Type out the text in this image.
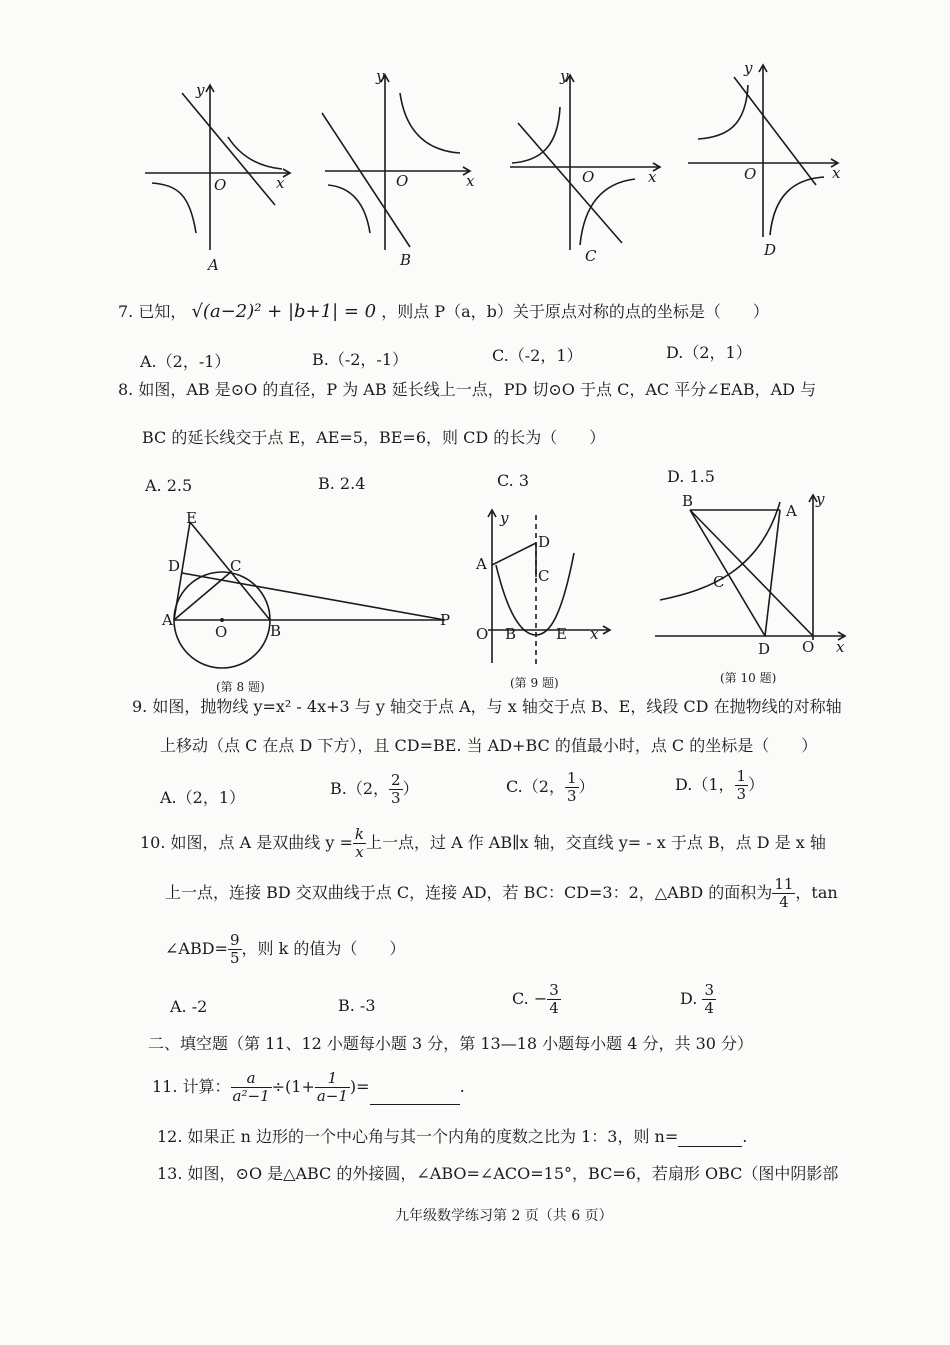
y
x
O
A
y
x
O
B
y
x
O
C
y
x
O
D
7. 已知， √(a−2)² + |b+1| = 0 ，则点 P（a，b）关于原点对称的点的坐标是（　　）
A.（2，-1）	B.（-2，-1）	C.（-2，1）	D.（2，1）
8. 如图，AB 是⊙O 的直径，P 为 AB 延长线上一点，PD 切⊙O 于点 C，AC 平分∠EAB，AD 与
BC 的延长线交于点 E，AE=5，BE=6，则 CD 的长为（　　）
A. 2.5	B. 2.4	C. 3	D. 1.5
E
D	C
A
O	B
P
(第 8 题)
y
D
A
C
O B	E x
(第 9 题)
B
A
y
C
D O x
(第 10 题)
9. 如图，抛物线 y=x² - 4x+3 与 y 轴交于点 A，与 x 轴交于点 B、E，线段 CD 在抛物线的对称轴
上移动（点 C 在点 D 下方），且 CD=BE. 当 AD+BC 的值最小时，点 C 的坐标是（　　）
A.（2，1）	B.（2， $\frac{2}{3}$ ）	C.（2， $\frac{1}{3}$ ）	D.（1， $\frac{1}{3}$ ）
10. 如图，点 A 是双曲线 $y = \frac{k}{x}$ 上一点，过 A 作 AB∥x 轴，交直线 y= - x 于点 B，点 D 是 x 轴
上一点，连接 BD 交双曲线于点 C，连接 AD，若 BC：CD=3：2，△ABD 的面积为 $\frac{11}{4}$ ，tan
∠ABD= $\frac{9}{5}$ ，则 k 的值为（　　）
A. -2	B. -3	C. − $\frac{3}{4}$	D. $\frac{3}{4}$
二、填空题（第 11、12 小题每小题 3 分，第 13—18 小题每小题 4 分，共 30 分）
11. 计算： $\frac{a}{\text{a²−1}} \div(1+ \frac{1}{a-1}$ )=	.
12. 如果正 n 边形的一个中心角与其一个内角的度数之比为 1：3，则 n=	.
13. 如图，⊙O 是△ABC 的外接圆，∠ABO=∠ACO=15°，BC=6，若扇形 OBC（图中阴影部
九年级数学练习第 2 页（共 6 页）
